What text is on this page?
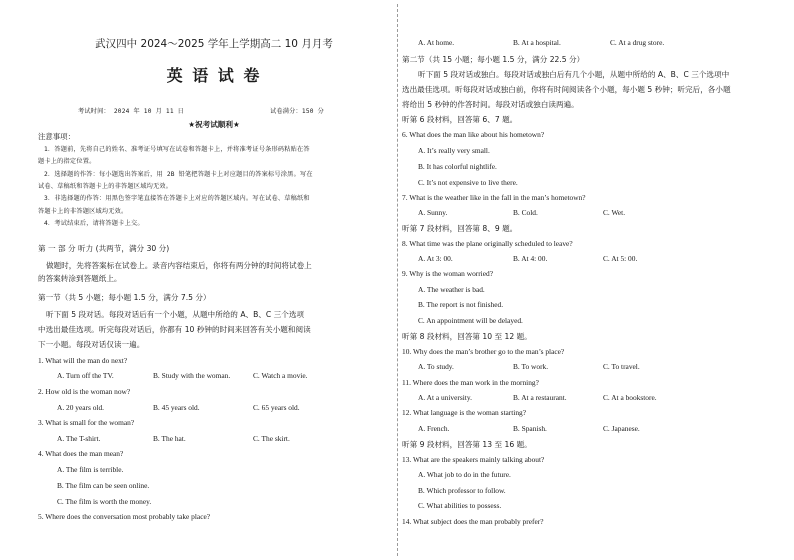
武汉四中 2024～2025 学年上学期高二 10 月月考
英 语 试 卷
考试时间： 2024 年 10 月 11 日	试卷满分：150 分
★祝考试顺利★
注意事项：
1．答题前，先将自己的姓名、准考证号填写在试卷和答题卡上，并将准考证号条形码粘贴在答
题卡上的指定位置。
2．选择题的作答：每小题选出答案后，用 2B 铅笔把答题卡上对应题目的答案标号涂黑。写在
试卷、草稿纸和答题卡上的非答题区域均无效。
3．非选择题的作答：用黑色签字笔直接答在答题卡上对应的答题区域内。写在试卷、草稿纸和
答题卡上的非答题区域均无效。
4．考试结束后，请将答题卡上交。
第 一 部 分 听力 (共两节，满分 30 分)
做题时，先将答案标在试卷上。录音内容结束后，你将有两分钟的时间将试卷上
的答案转涂到答题纸上。
第一节（共 5 小题；每小题 1.5 分，满分 7.5 分）
听下面 5 段对话。每段对话后有一个小题，从题中所给的 A、B、C 三个选项
中选出最佳选项。听完每段对话后，你都有 10 秒钟的时间来回答有关小题和阅读
下一小题。每段对话仅读一遍。
1. What will the man do next?
A. Turn off the TV.	B. Study with the woman.	C. Watch a movie.
2. How old is the woman now?
A. 20 years old.	B. 45 years old.	C. 65 years old.
3. What is small for the woman?
A. The T-shirt.	B. The hat.	C. The skirt.
4. What does the man mean?
A. The film is terrible.
B. The film can be seen online.
C. The film is worth the money.
5. Where does the conversation most probably take place?
A. At home.	B. At a hospital.	C. At a drug store.
第二节（共 15 小题；每小题 1.5 分，满分 22.5 分）
听下面 5 段对话或独白。每段对话或独白后有几个小题，从题中所给的 A、B、C 三个选项中
选出最佳选项。听每段对话或独白前，你将有时间阅读各个小题，每小题 5 秒钟；听完后，各小题
将给出 5 秒钟的作答时间。每段对话或独白读两遍。
听第 6 段材料，回答第 6、7 题。
6. What does the man like about his hometown?
A. It’s really very small.
B. It has colorful nightlife.
C. It’s not expensive to live there.
7. What is the weather like in the fall in the man’s hometown?
A. Sunny.	B. Cold.	C. Wet.
听第 7 段材料，回答第 8、9 题。
8. What time was the plane originally scheduled to leave?
A. At 3: 00.	B. At 4: 00.	C. At 5: 00.
9. Why is the woman worried?
A. The weather is bad.
B. The report is not finished.
C. An appointment will be delayed.
听第 8 段材料，回答第 10 至 12 题。
10. Why does the man’s brother go to the man’s place?
A. To study.	B. To work.	C. To travel.
11. Where does the man work in the morning?
A. At a university.	B. At a restaurant.	C. At a bookstore.
12. What language is the woman starting?
A. French.	B. Spanish.	C. Japanese.
听第 9 段材料，回答第 13 至 16 题。
13. What are the speakers mainly talking about?
A. What job to do in the future.
B. Which professor to follow.
C. What abilities to possess.
14. What subject does the man probably prefer?
